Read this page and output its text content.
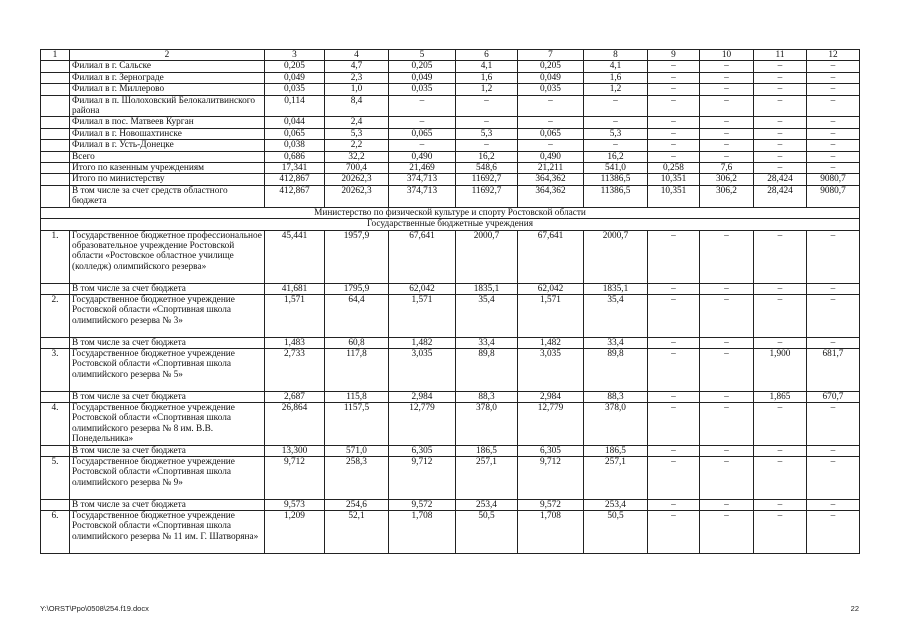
1	2	3	4	5	6	7	8	9	10	11	12
	Филиал в г. Сальске	0,205	4,7	0,205	4,1	0,205	4,1	–	–	–	–
	Филиал в г. Зернограде	0,049	2,3	0,049	1,6	0,049	1,6	–	–	–	–
	Филиал в г. Миллерово	0,035	1,0	0,035	1,2	0,035	1,2	–	–	–	–
	Филиал в п. Шолоховский Белокалитвинского района	0,114	8,4	–	–	–	–	–	–	–	–
	Филиал в пос. Матвеев Курган	0,044	2,4	–	–	–	–	–	–	–	–
	Филиал в г. Новошахтинске	0,065	5,3	0,065	5,3	0,065	5,3	–	–	–	–
	Филиал в г. Усть-Донецке	0,038	2,2	–	–	–	–	–	–	–	–
	Всего	0,686	32,2	0,490	16,2	0,490	16,2	–	–	–	–
	Итого по казенным учреждениям	17,341	700,4	21,469	548,6	21,211	541,0	0,258	7,6	–	–
	Итого по министерству	412,867	20262,3	374,713	11692,7	364,362	11386,5	10,351	306,2	28,424	9080,7
	В том числе за счет средств областного бюджета	412,867	20262,3	374,713	11692,7	364,362	11386,5	10,351	306,2	28,424	9080,7
Министерство по физической культуре и спорту Ростовской области											
Государственные бюджетные учреждения											
1.	Государственное бюджетное профессиональное образовательное учреждение Ростовской области «Ростовское областное училище (колледж) олимпийского резерва»	45,441	1957,9	67,641	2000,7	67,641	2000,7	–	–	–	–
	В том числе за счет бюджета	41,681	1795,9	62,042	1835,1	62,042	1835,1	–	–	–	–
2.	Государственное бюджетное учреждение Ростовской области «Спортивная школа олимпийского резерва № 3»	1,571	64,4	1,571	35,4	1,571	35,4	–	–	–	–
	В том числе за счет бюджета	1,483	60,8	1,482	33,4	1,482	33,4	–	–	–	–
3.	Государственное бюджетное учреждение Ростовской области «Спортивная школа олимпийского резерва № 5»	2,733	117,8	3,035	89,8	3,035	89,8	–	–	1,900	681,7
	В том числе за счет бюджета	2,687	115,8	2,984	88,3	2,984	88,3	–	–	1,865	670,7
4.	Государственное бюджетное учреждение Ростовской области «Спортивная школа олимпийского резерва № 8 им. В.В. Понедельника»	26,864	1157,5	12,779	378,0	12,779	378,0	–	–	–	–
	В том числе за счет бюджета	13,300	571,0	6,305	186,5	6,305	186,5	–	–	–	–
5.	Государственное бюджетное учреждение Ростовской области «Спортивная школа олимпийского резерва № 9»	9,712	258,3	9,712	257,1	9,712	257,1	–	–	–	–
	В том числе за счет бюджета	9,573	254,6	9,572	253,4	9,572	253,4	–	–	–	–
6.	Государственное бюджетное учреждение Ростовской области «Спортивная школа олимпийского резерва № 11 им. Г. Шатворяна»	1,209	52,1	1,708	50,5	1,708	50,5	–	–	–	–
Y:\ORST\Ppo\0508\254.f19.docx	22
